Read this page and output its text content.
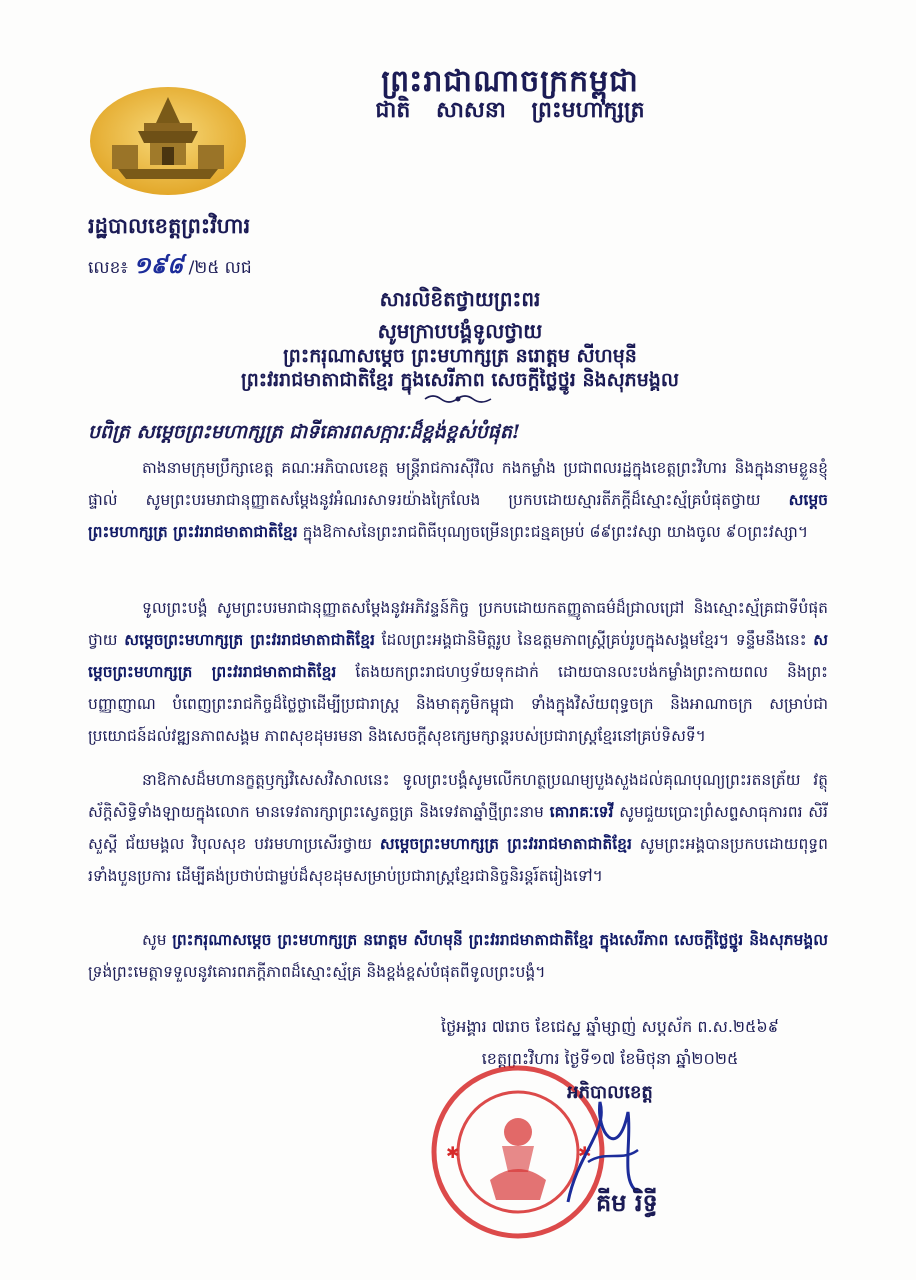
ព្រះរាជាណាចក្រកម្ពុជា
ជាតិ សាសនា ព្រះមហាក្សត្រ
រដ្ឋបាលខេត្តព្រះវិហារ
លេខ៖ ១៩៨ /២៥ លជ
សារលិខិតថ្វាយព្រះពរ
សូមក្រាបបង្គំទូលថ្វាយ
ព្រះករុណាសម្តេច ព្រះមហាក្សត្រ នរោត្តម សីហមុនី
ព្រះវររាជមាតាជាតិខ្មែរ ក្នុងសេរីភាព សេចក្តីថ្លៃថ្នូរ និងសុភមង្គល
បពិត្រ សម្តេចព្រះមហាក្សត្រ ជាទីគោរពសក្ការៈដ៏ខ្ពង់ខ្ពស់បំផុត!
តាងនាមក្រុមប្រឹក្សាខេត្ត គណៈអភិបាលខេត្ត មន្ត្រីរាជការស៊ីវិល កងកម្លាំង ប្រជាពលរដ្ឋក្នុងខេត្តព្រះវិហារ និងក្នុងនាមខ្លួនខ្ញុំផ្ទាល់ សូមព្រះបរមរាជានុញ្ញាតសម្តែងនូវអំណរសាទរយ៉ាងក្រៃលែង ប្រកបដោយស្មារតីភក្តីដ៏ស្មោះស្ម័គ្របំផុតថ្វាយ សម្តេចព្រះមហាក្សត្រ ព្រះវររាជមាតាជាតិខ្មែរ ក្នុងឱកាសនៃព្រះរាជពិធីបុណ្យចម្រើនព្រះជន្មគម្រប់ ៨៩ព្រះវស្សា យាងចូល ៩០ព្រះវស្សា។
ទូលព្រះបង្គំ សូមព្រះបរមរាជានុញ្ញាតសម្តែងនូវអភិវន្ទន៍កិច្ច ប្រកបដោយកតញ្ញូតាធម៌ដ៏ជ្រាលជ្រៅ និងស្មោះស្ម័គ្រជាទីបំផុតថ្វាយ សម្តេចព្រះមហាក្សត្រ ព្រះវររាជមាតាជាតិខ្មែរ ដែលព្រះអង្គជានិមិត្តរូប នៃឧត្តមភាពស្ត្រីគ្រប់រូបក្នុងសង្គមខ្មែរ។ ទន្ទឹមនឹងនេះ សម្តេចព្រះមហាក្សត្រ ព្រះវររាជមាតាជាតិខ្មែរ តែងយកព្រះរាជហឫទ័យទុកដាក់ ដោយបានលះបង់កម្លាំងព្រះកាយពល និងព្រះបញ្ញាញាណ បំពេញព្រះរាជកិច្ចដ៏ថ្លៃថ្លាដើម្បីប្រជារាស្ត្រ និងមាតុភូមិកម្ពុជា ទាំងក្នុងវិស័យពុទ្ធចក្រ និងអាណាចក្រ សម្រាប់ជាប្រយោជន៍ដល់វឌ្ឍនភាពសង្គម ភាពសុខដុមរមនា និងសេចក្តីសុខក្សេមក្សាន្តរបស់ប្រជារាស្ត្រខ្មែរនៅគ្រប់ទិសទី។
នាឱកាសដ៏មហានក្ខត្តឫក្សវិសេសវិសាលនេះ ទូលព្រះបង្គំសូមលើកហត្ថប្រណម្យបួងសួងដល់គុណបុណ្យព្រះរតនត្រ័យ វត្ថុស័ក្តិសិទ្ធិទាំងឡាយក្នុងលោក មានទេវតារក្សាព្រះស្វេតច្ឆត្រ និងទេវតាឆ្នាំថ្មីព្រះនាម គោរាគៈទេវី សូមជួយប្រោះព្រំសព្ទសាធុការពរ សិរីសួស្តី ជ័យមង្គល វិបុលសុខ បវរមហាប្រសើរថ្វាយ សម្តេចព្រះមហាក្សត្រ ព្រះវររាជមាតាជាតិខ្មែរ សូមព្រះអង្គបានប្រកបដោយពុទ្ធពរទាំងបួនប្រការ ដើម្បីគង់ប្រថាប់ជាម្លប់ដ៏សុខដុមសម្រាប់ប្រជារាស្ត្រខ្មែរជានិច្ចនិរន្តរ៍តរៀងទៅ។
សូម ព្រះករុណាសម្តេច ព្រះមហាក្សត្រ នរោត្តម សីហមុនី ព្រះវររាជមាតាជាតិខ្មែរ ក្នុងសេរីភាព សេចក្តីថ្លៃថ្នូរ និងសុភមង្គល ទ្រង់ព្រះមេត្តាទទួលនូវគោរពភក្តីភាពដ៏ស្មោះស្ម័គ្រ និងខ្ពង់ខ្ពស់បំផុតពីទូលព្រះបង្គំ។
ថ្ងៃអង្គារ ៧រោច ខែជេស្ឋ ឆ្នាំម្សាញ់ សប្តស័ក ព.ស.២៥៦៩
ខេត្តព្រះវិហារ ថ្ងៃទី១៧ ខែមិថុនា ឆ្នាំ២០២៥
✱	✱
អភិបាលខេត្ត
គីម រិទ្ធី
